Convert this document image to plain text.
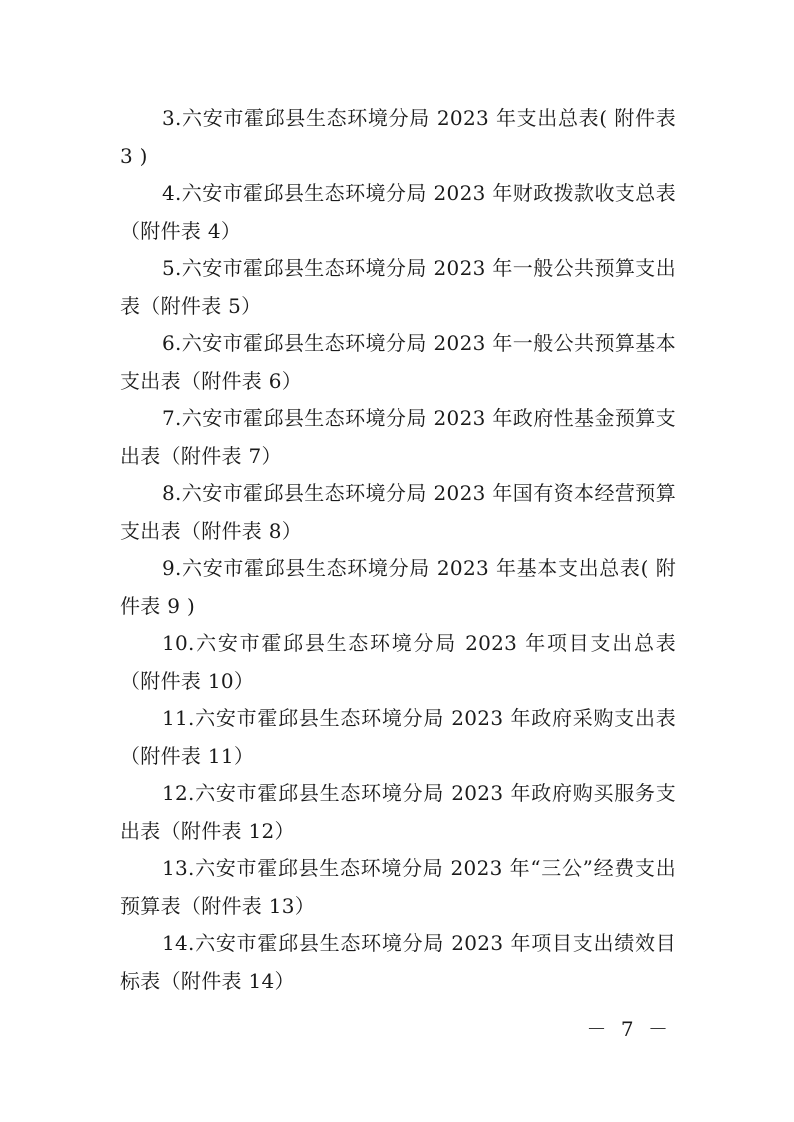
3.六安市霍邱县生态环境分局 2023 年支出总表( 附件表 3 )

4.六安市霍邱县生态环境分局 2023 年财政拨款收支总表（附件表 4）

5.六安市霍邱县生态环境分局 2023 年一般公共预算支出表（附件表 5）

6.六安市霍邱县生态环境分局 2023 年一般公共预算基本支出表（附件表 6）

7.六安市霍邱县生态环境分局 2023 年政府性基金预算支出表（附件表 7）

8.六安市霍邱县生态环境分局 2023 年国有资本经营预算支出表（附件表 8）

9.六安市霍邱县生态环境分局 2023 年基本支出总表( 附件表 9 )

10.六安市霍邱县生态环境分局 2023 年项目支出总表（附件表 10）

11.六安市霍邱县生态环境分局 2023 年政府采购支出表（附件表 11）

12.六安市霍邱县生态环境分局 2023 年政府购买服务支出表（附件表 12）

13.六安市霍邱县生态环境分局 2023 年“三公”经费支出预算表（附件表 13）

14.六安市霍邱县生态环境分局 2023 年项目支出绩效目标表（附件表 14）

－ 7 －
